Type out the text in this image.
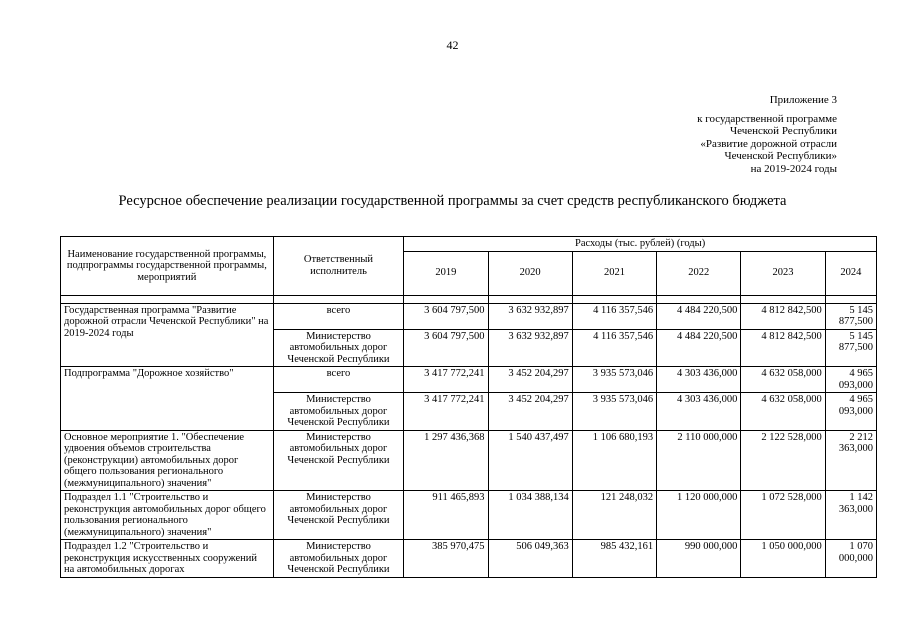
42
Приложение 3
к государственной программе
Чеченской Республики
«Развитие дорожной отрасли
Чеченской Республики»
на 2019-2024 годы
Ресурсное обеспечение реализации государственной программы за счет средств республиканского бюджета
Наименование государственной программы, подпрограммы государственной программы, мероприятий	Ответственный исполнитель	Расходы (тыс. рублей) (годы)					
		2019	2020	2021	2022	2023	2024

Государственная программа "Развитие дорожной отрасли Чеченской Республики" на 2019-2024 годы	всего	3 604 797,500	3 632 932,897	4 116 357,546	4 484 220,500	4 812 842,500	5 145 877,500
	Министерство автомобильных дорог Чеченской Республики	3 604 797,500	3 632 932,897	4 116 357,546	4 484 220,500	4 812 842,500	5 145 877,500
Подпрограмма "Дорожное хозяйство"	всего	3 417 772,241	3 452 204,297	3 935 573,046	4 303 436,000	4 632 058,000	4 965 093,000
	Министерство автомобильных дорог Чеченской Республики	3 417 772,241	3 452 204,297	3 935 573,046	4 303 436,000	4 632 058,000	4 965 093,000
Основное мероприятие 1. "Обеспечение удвоения объемов строительства (реконструкции) автомобильных дорог общего пользования регионального (межмуниципального) значения"	Министерство автомобильных дорог Чеченской Республики	1 297 436,368	1 540 437,497	1 106 680,193	2 110 000,000	2 122 528,000	2 212 363,000
Подраздел 1.1 "Строительство и реконструкция автомобильных дорог общего пользования регионального (межмуниципального) значения"	Министерство автомобильных дорог Чеченской Республики	911 465,893	1 034 388,134	121 248,032	1 120 000,000	1 072 528,000	1 142 363,000
Подраздел 1.2 "Строительство и реконструкция искусственных сооружений на автомобильных дорогах	Министерство автомобильных дорог Чеченской Республики	385 970,475	506 049,363	985 432,161	990 000,000	1 050 000,000	1 070 000,000
